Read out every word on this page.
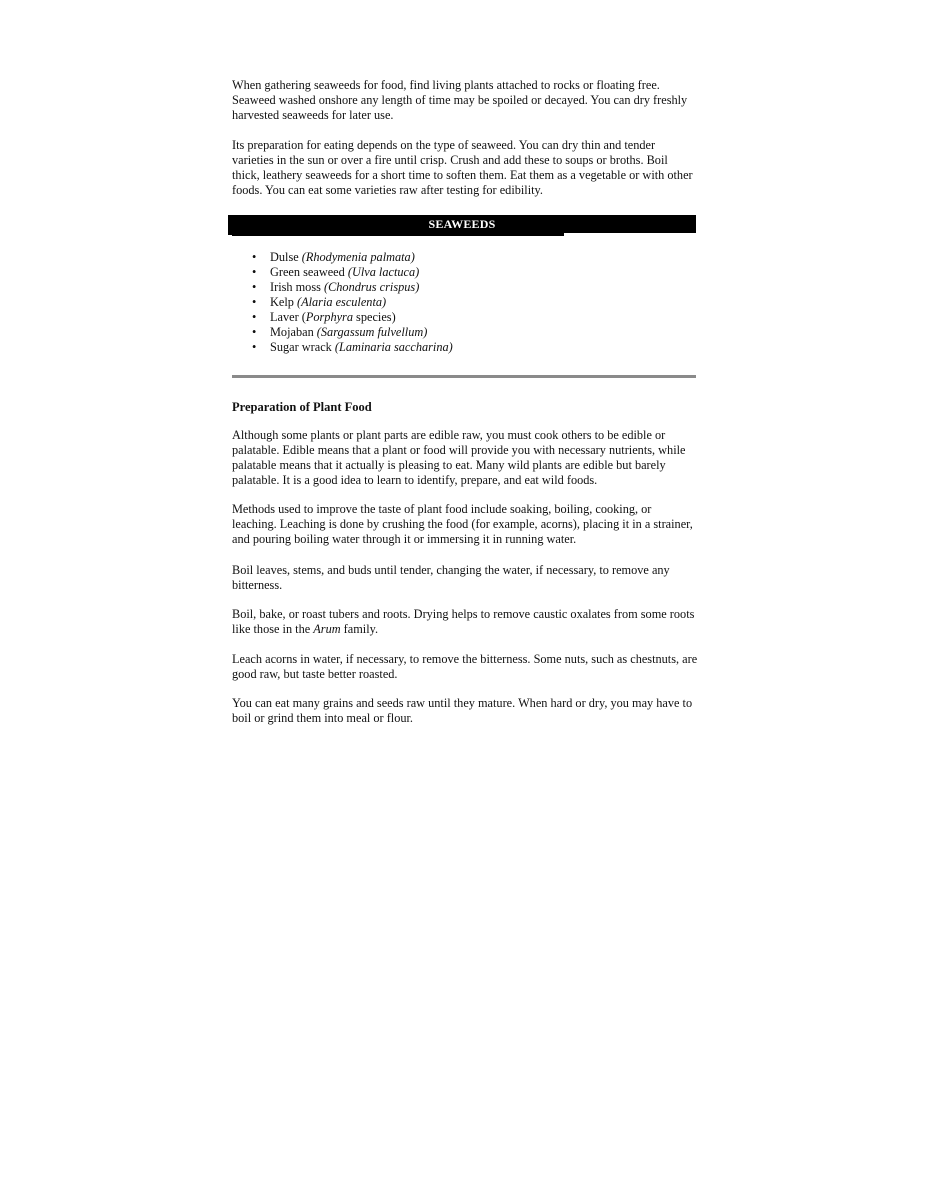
When gathering seaweeds for food, find living plants attached to rocks or floating free. Seaweed washed onshore any length of time may be spoiled or decayed. You can dry freshly harvested seaweeds for later use.

Its preparation for eating depends on the type of seaweed. You can dry thin and tender varieties in the sun or over a fire until crisp. Crush and add these to soups or broths. Boil thick, leathery seaweeds for a short time to soften them. Eat them as a vegetable or with other foods. You can eat some varieties raw after testing for edibility.

SEAWEEDS
• Dulse (Rhodymenia palmata)
• Green seaweed (Ulva lactuca)
• Irish moss (Chondrus crispus)
• Kelp (Alaria esculenta)
• Laver (Porphyra species)
• Mojaban (Sargassum fulvellum)
• Sugar wrack (Laminaria saccharina)

Preparation of Plant Food

Although some plants or plant parts are edible raw, you must cook others to be edible or palatable. Edible means that a plant or food will provide you with necessary nutrients, while palatable means that it actually is pleasing to eat. Many wild plants are edible but barely palatable. It is a good idea to learn to identify, prepare, and eat wild foods.

Methods used to improve the taste of plant food include soaking, boiling, cooking, or leaching. Leaching is done by crushing the food (for example, acorns), placing it in a strainer, and pouring boiling water through it or immersing it in running water.

Boil leaves, stems, and buds until tender, changing the water, if necessary, to remove any bitterness.

Boil, bake, or roast tubers and roots. Drying helps to remove caustic oxalates from some roots like those in the Arum family.

Leach acorns in water, if necessary, to remove the bitterness. Some nuts, such as chestnuts, are good raw, but taste better roasted.

You can eat many grains and seeds raw until they mature. When hard or dry, you may have to boil or grind them into meal or flour.
